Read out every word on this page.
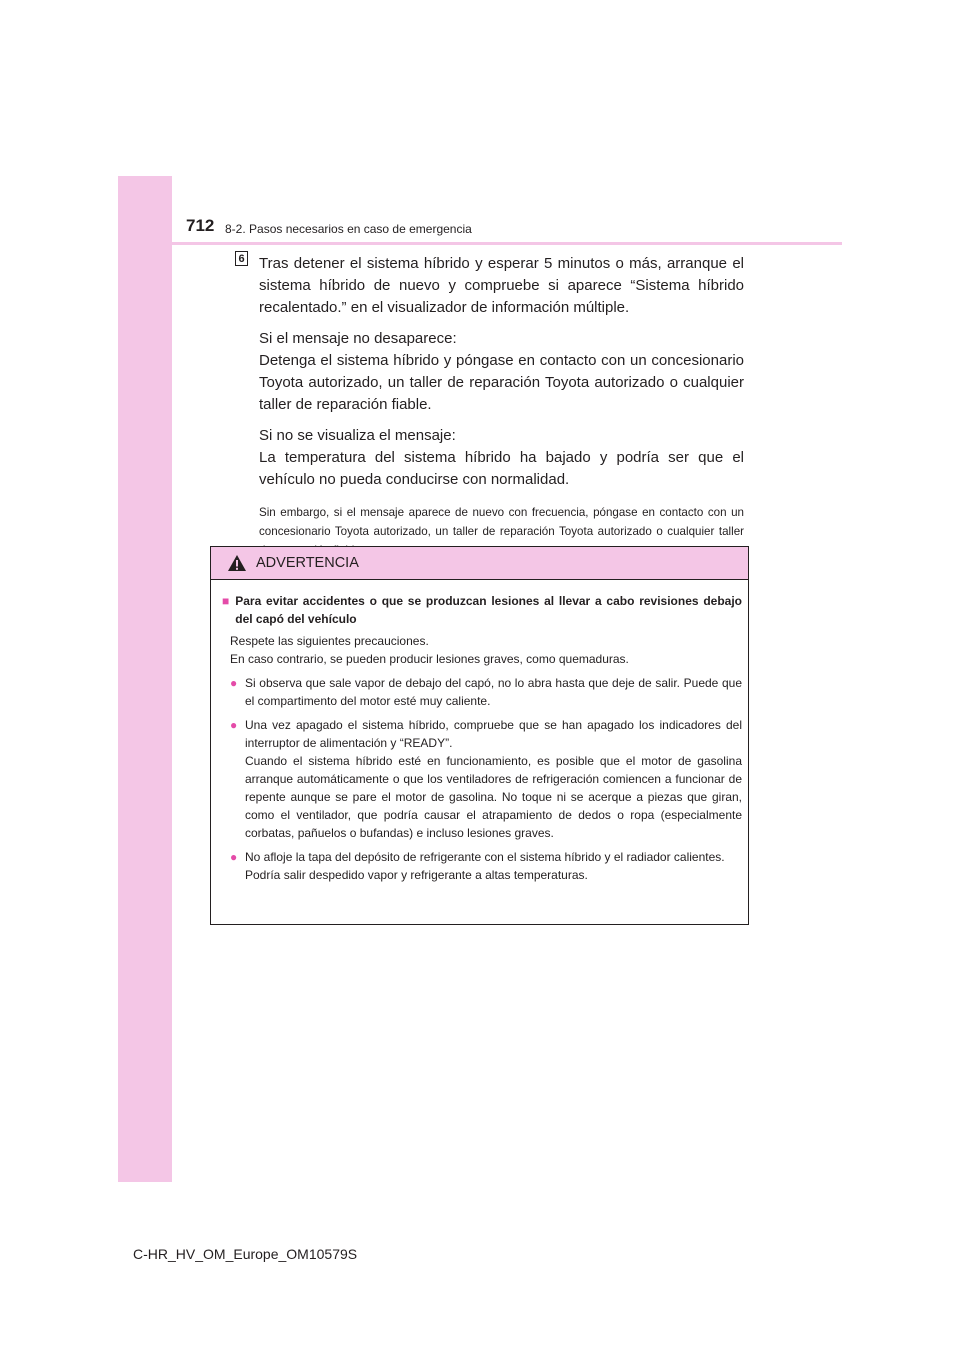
712 8-2. Pasos necesarios en caso de emergencia
6 Tras detener el sistema híbrido y esperar 5 minutos o más, arranque el sistema híbrido de nuevo y compruebe si aparece “Sistema híbrido recalentado.” en el visualizador de información múltiple.

Si el mensaje no desaparece:
Detenga el sistema híbrido y póngase en contacto con un concesionario Toyota autorizado, un taller de reparación Toyota autorizado o cualquier taller de reparación fiable.

Si no se visualiza el mensaje:
La temperatura del sistema híbrido ha bajado y podría ser que el vehículo no pueda conducirse con normalidad.

Sin embargo, si el mensaje aparece de nuevo con frecuencia, póngase en contacto con un concesionario Toyota autorizado, un taller de reparación Toyota autorizado o cualquier taller
ADVERTENCIA
■ Para evitar accidentes o que se produzcan lesiones al llevar a cabo revisiones debajo del capó del vehículo
Respete las siguientes precauciones.
En caso contrario, se pueden producir lesiones graves, como quemaduras.
● Si observa que sale vapor de debajo del capó, no lo abra hasta que deje de salir. Puede que el compartimento del motor esté muy caliente.
● Una vez apagado el sistema híbrido, compruebe que se han apagado los indicadores del interruptor de alimentación y “READY”.
Cuando el sistema híbrido esté en funcionamiento, es posible que el motor de gasolina arranque automáticamente o que los ventiladores de refrigeración comiencen a funcionar de repente aunque se pare el motor de gasolina. No toque ni se acerque a piezas que giran, como el ventilador, que podría causar el atrapamiento de dedos o ropa (especialmente corbatas, pañuelos o bufandas) e incluso lesiones graves.
● No afloje la tapa del depósito de refrigerante con el sistema híbrido y el radiador calientes.
Podría salir despedido vapor y refrigerante a altas temperaturas.
C-HR_HV_OM_Europe_OM10579S
